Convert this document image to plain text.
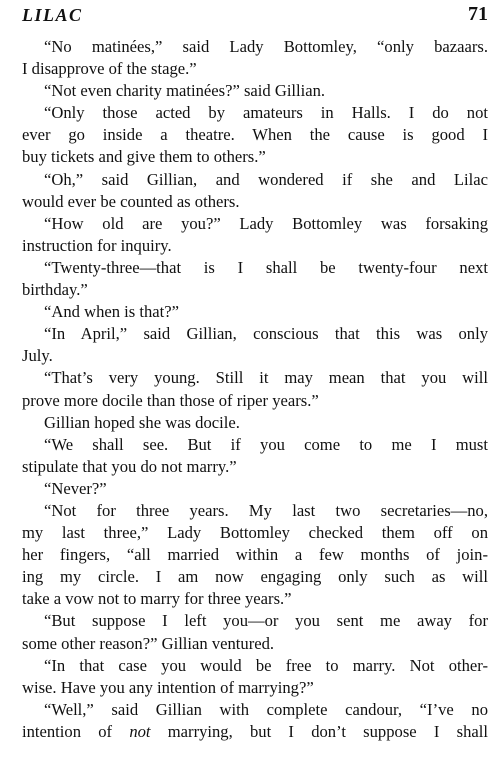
LILAC	71
“No matinées,” said Lady Bottomley, “only bazaars.
I disapprove of the stage.”
“Not even charity matinées?” said Gillian.
“Only those acted by amateurs in Halls. I do not
ever go inside a theatre. When the cause is good I
buy tickets and give them to others.”
“Oh,” said Gillian, and wondered if she and Lilac
would ever be counted as others.
“How old are you?” Lady Bottomley was forsaking
instruction for inquiry.
“Twenty-three—that is I shall be twenty-four next
birthday.”
“And when is that?”
“In April,” said Gillian, conscious that this was only
July.
“That’s very young. Still it may mean that you will
prove more docile than those of riper years.”
Gillian hoped she was docile.
“We shall see. But if you come to me I must
stipulate that you do not marry.”
“Never?”
“Not for three years. My last two secretaries—no,
my last three,” Lady Bottomley checked them off on
her fingers, “all married within a few months of join-
ing my circle. I am now engaging only such as will
take a vow not to marry for three years.”
“But suppose I left you—or you sent me away for
some other reason?” Gillian ventured.
“In that case you would be free to marry. Not other-
wise. Have you any intention of marrying?”
“Well,” said Gillian with complete candour, “I’ve no
intention of not marrying, but I don’t suppose I shall
